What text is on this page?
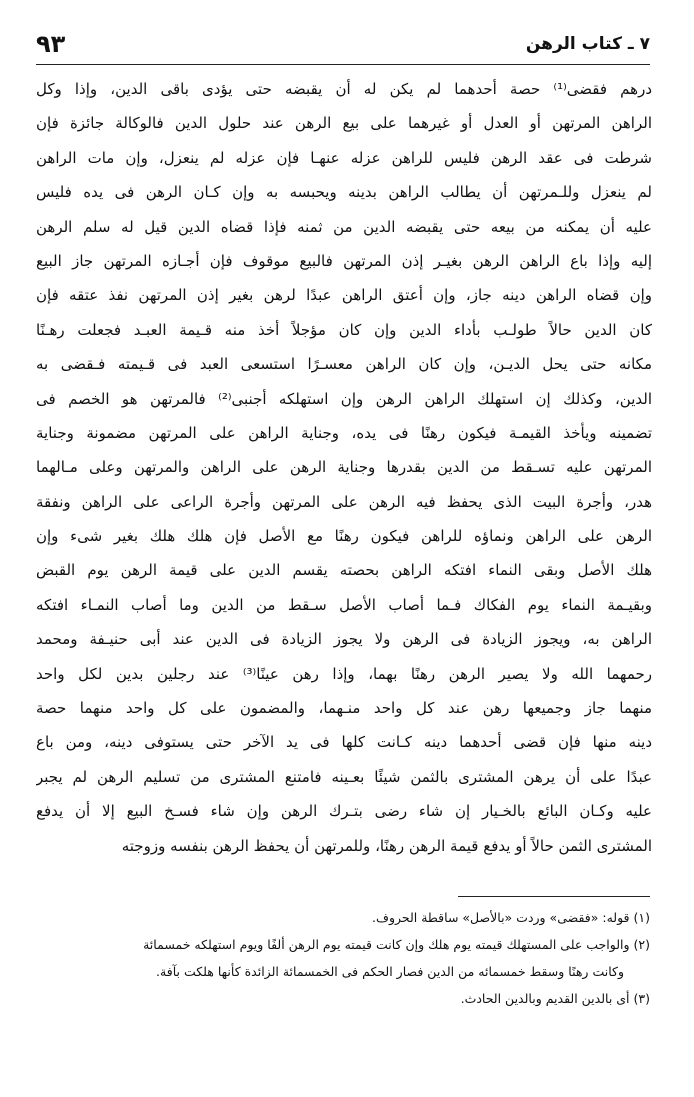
٧ ـ كتاب الرهن
٩٣
درهم فقضى⁽¹⁾ حصة أحدهما لم يكن له أن يقبضه حتى يؤدى باقى الدين، وإذا وكل
الراهن المرتهن أو العدل أو غيرهما على بيع الرهن عند حلول الدين فالوكالة جائزة فإن
شرطت فى عقد الرهن فليس للراهن عزله عنهـا فإن عزله لم ينعزل، وإن مات الراهن
لم ينعزل وللـمرتهن أن يطالب الراهن بدينه ويحبسه به وإن كـان الرهن فى يده فليس
عليه أن يمكنه من بيعه حتى يقبضه الدين من ثمنه فإذا قضاه الدين قيل له سلم الرهن
إليه وإذا باع الراهن الرهن بغيـر إذن المرتهن فالبيع موقوف فإن أجـازه المرتهن جاز البيع
وإن قضاه الراهن دينه جاز، وإن أعتق الراهن عبدًا لرهن بغير إذن المرتهن نفذ عتقه فإن
كان الدين حالاً طولـب بأداء الدين وإن كان مؤجلاً أخذ منه قـيمة العبـد فجعلت رهـنًا
مكانه حتى يحل الديـن، وإن كان الراهن معسـرًا استسعى العبد فى قـيمته فـقضى به
الدين، وكذلك إن استهلك الراهن الرهن وإن استهلكه أجنبى⁽²⁾ فالمرتهن هو الخصم فى
تضمينه ويأخذ القيمـة فيكون رهنًا فى يده، وجناية الراهن على المرتهن مضمونة وجناية
المرتهن عليه تسـقط من الدين بقدرها وجناية الرهن على الراهن والمرتهن وعلى مـالهما
هدر، وأجرة البيت الذى يحفظ فيه الرهن على المرتهن وأجرة الراعى على الراهن ونفقة
الرهن على الراهن ونماؤه للراهن فيكون رهنًا مع الأصل فإن هلك هلك بغير شىء وإن
هلك الأصل وبقى النماء افتكه الراهن بحصته يقسم الدين على قيمة الرهن يوم القبض
وبقيـمة النماء يوم الفكاك فـما أصاب الأصل سـقط من الدين وما أصاب النمـاء افتكه
الراهن به، ويجوز الزيادة فى الرهن ولا يجوز الزيادة فى الدين عند أبى حنيـفة ومحمد
رحمهما الله ولا يصير الرهن رهنًا بهما، وإذا رهن عينًا⁽³⁾ عند رجلين بدين لكل واحد
منهما جاز وجميعها رهن عند كل واحد منـهما، والمضمون على كل واحد منهما حصة
دينه منها فإن قضى أحدهما دينه كـانت كلها فى يد الآخر حتى يستوفى دينه، ومن باع
عبدًا على أن يرهن المشترى بالثمن شيئًا بعـينه فامتنع المشترى من تسليم الرهن لم يجبر
عليه وكـان البائع بالخـيار إن شاء رضى بتـرك الرهن وإن شاء فسـخ البيع إلا أن يدفع
المشترى الثمن حالاً أو يدفع قيمة الرهن رهنًا، وللمرتهن أن يحفظ الرهن بنفسه وزوجته
(١) قوله: «فقضى» وردت «بالأصل» ساقطة الحروف.
(٢) والواجب على المستهلك قيمته يوم هلك وإن كانت قيمته يوم الرهن ألفًا ويوم استهلكه خمسمائة
وكانت رهنًا وسقط خمسمائه من الدين فصار الحكم فى الخمسمائة الزائدة كأنها هلكت بآفة.
(٣) أى بالدين القديم وبالدين الحادث.
